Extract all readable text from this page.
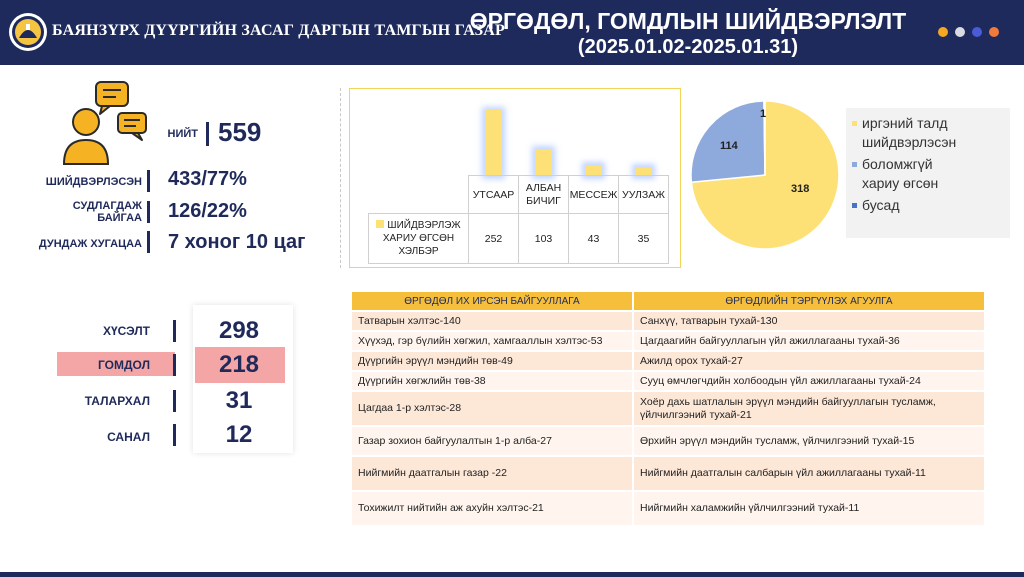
БАЯНЗҮРХ ДҮҮРГИЙН ЗАСАГ ДАРГЫН ТАМГЫН ГАЗАР
ӨРГӨДӨЛ, ГОМДЛЫН ШИЙДВЭРЛЭЛТ
(2025.01.02-2025.01.31)
НИЙТ 559
ШИЙДВЭРЛЭСЭН 433/77%
СУДЛАГДАЖ
БАЙГАА 126/22%
ДУНДАЖ ХУГАЦАА 7 хоног 10 цаг
	УТСААР	АЛБАН
БИЧИГ	МЕССЕЖ	УУЛЗАЖ

ШИЙДВЭРЛЭЖ
ХАРИУ ӨГСӨН
ХЭЛБЭР	252	103	43	35
318
114
1
иргэний талд
шийдвэрлэсэн
боломжгүй
хариу өгсөн
бусад
ХҮСЭЛТ	298
ГОМДОЛ	218
ТАЛАРХАЛ	31
САНАЛ	12
ӨРГӨДӨЛ ИХ ИРСЭН БАЙГУУЛЛАГА	ӨРГӨДЛИЙН ТЭРГҮҮЛЭХ АГУУЛГА
Татварын хэлтэс-140	Санхүү, татварын тухай-130
Хүүхэд, гэр бүлийн хөгжил, хамгааллын хэлтэс-53	Цагдаагийн байгууллагын үйл ажиллагааны тухай-36
Дүүргийн эрүүл мэндийн төв-49	Ажилд орох тухай-27
Дүүргийн хөгжлийн төв-38	Сууц өмчлөгчдийн холбоодын үйл ажиллагааны тухай-24
Цагдаа 1-р хэлтэс-28	Хоёр дахь шатлалын эрүүл мэндийн байгууллагын тусламж, үйлчилгээний тухай-21
Газар зохион байгуулалтын 1-р алба-27	Өрхийн эрүүл мэндийн тусламж, үйлчилгээний тухай-15
Нийгмийн даатгалын газар -22	Нийгмийн даатгалын салбарын үйл ажиллагааны тухай-11
Тохижилт нийтийн аж ахуйн хэлтэс-21	Нийгмийн халамжийн үйлчилгээний тухай-11
